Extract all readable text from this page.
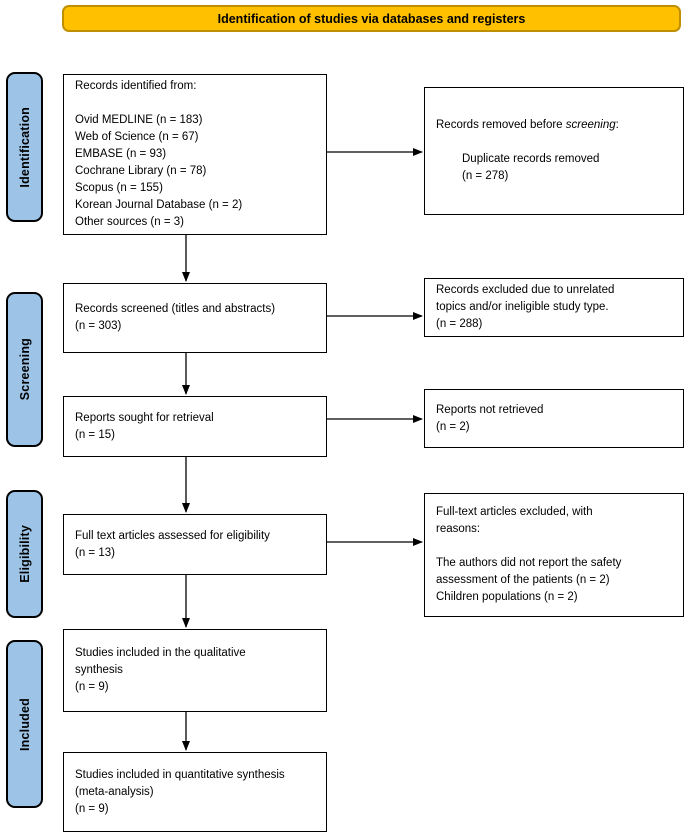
Identification of studies via databases and registers
Identification
Screening
Eligibility
Included
Records identified from:

Ovid MEDLINE (n = 183)
Web of Science (n = 67)
EMBASE (n = 93)
Cochrane Library (n = 78)
Scopus (n = 155)
Korean Journal Database (n = 2)
Other sources (n = 3)
Records screened (titles and abstracts)
(n = 303)
Reports sought for retrieval
(n = 15)
Full text articles assessed for eligibility
(n = 13)
Studies included in the qualitative
synthesis
(n = 9)
Studies included in quantitative synthesis
(meta-analysis)
(n = 9)
Records removed before screening:
Duplicate records removed
(n = 278)
Records excluded due to unrelated
topics and/or ineligible study type.
(n = 288)
Reports not retrieved
(n = 2)
Full-text articles excluded, with
reasons:

The authors did not report the safety
assessment of the patients (n = 2)
Children populations (n = 2)
